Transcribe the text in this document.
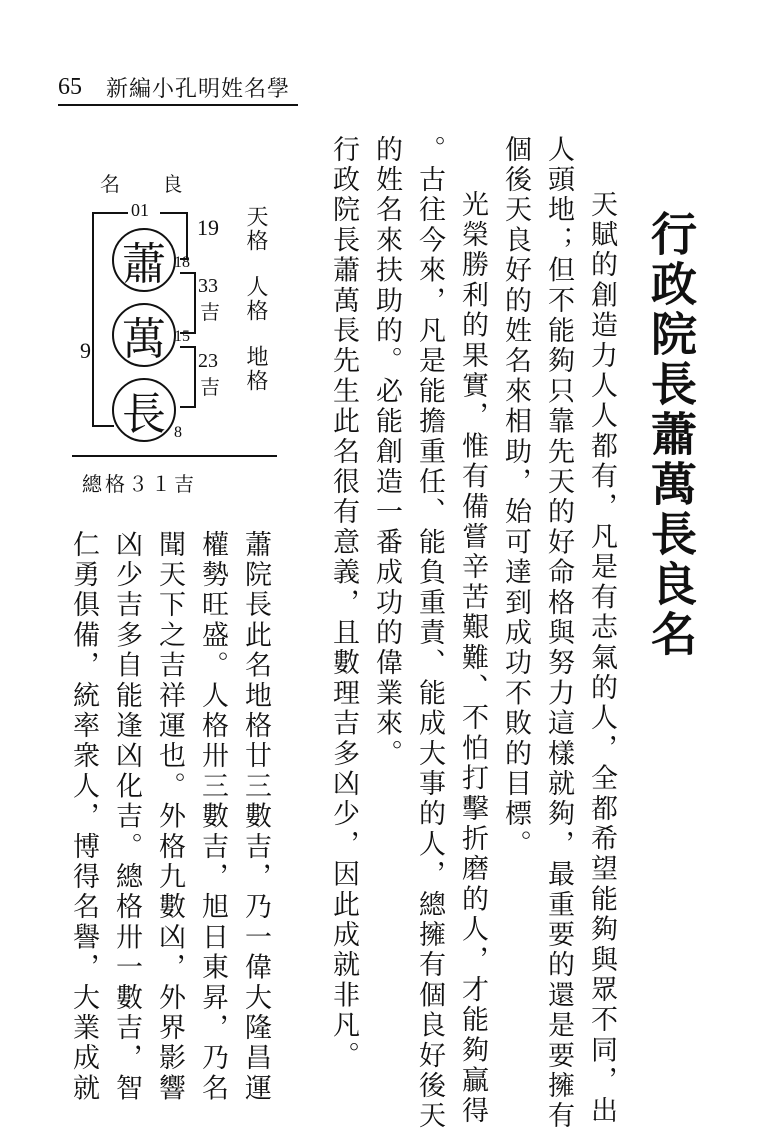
65 新編小孔明姓名學
行政院長蕭萬長良名
天賦的創造力人人都有，凡是有志氣的人，全都希望能夠與眾不同，出
人頭地；但不能夠只靠先天的好命格與努力這樣就夠，最重要的還是要擁有
個後天良好的姓名來相助，始可達到成功不敗的目標。
光榮勝利的果實，惟有備嘗辛苦艱難、不怕打擊折磨的人，才能夠贏得
。古往今來，凡是能擔重任、能負重責、能成大事的人，總擁有個良好後天
的姓名來扶助的。必能創造一番成功的偉業來。
行政院長蕭萬長先生此名很有意義，且數理吉多凶少，因此成就非凡。
蕭院長此名地格廿三數吉，乃一偉大隆昌運
權勢旺盛。人格卅三數吉，旭日東昇，乃名
聞天下之吉祥運也。外格九數凶，外界影響
凶少吉多自能逢凶化吉。總格卅一數吉，智
仁勇俱備，統率衆人，博得名譽，大業成就
名 良
01
蕭
萬
長
18
15
8
9
19
33
吉
23
吉
天格
人格
地格
總格３１吉
